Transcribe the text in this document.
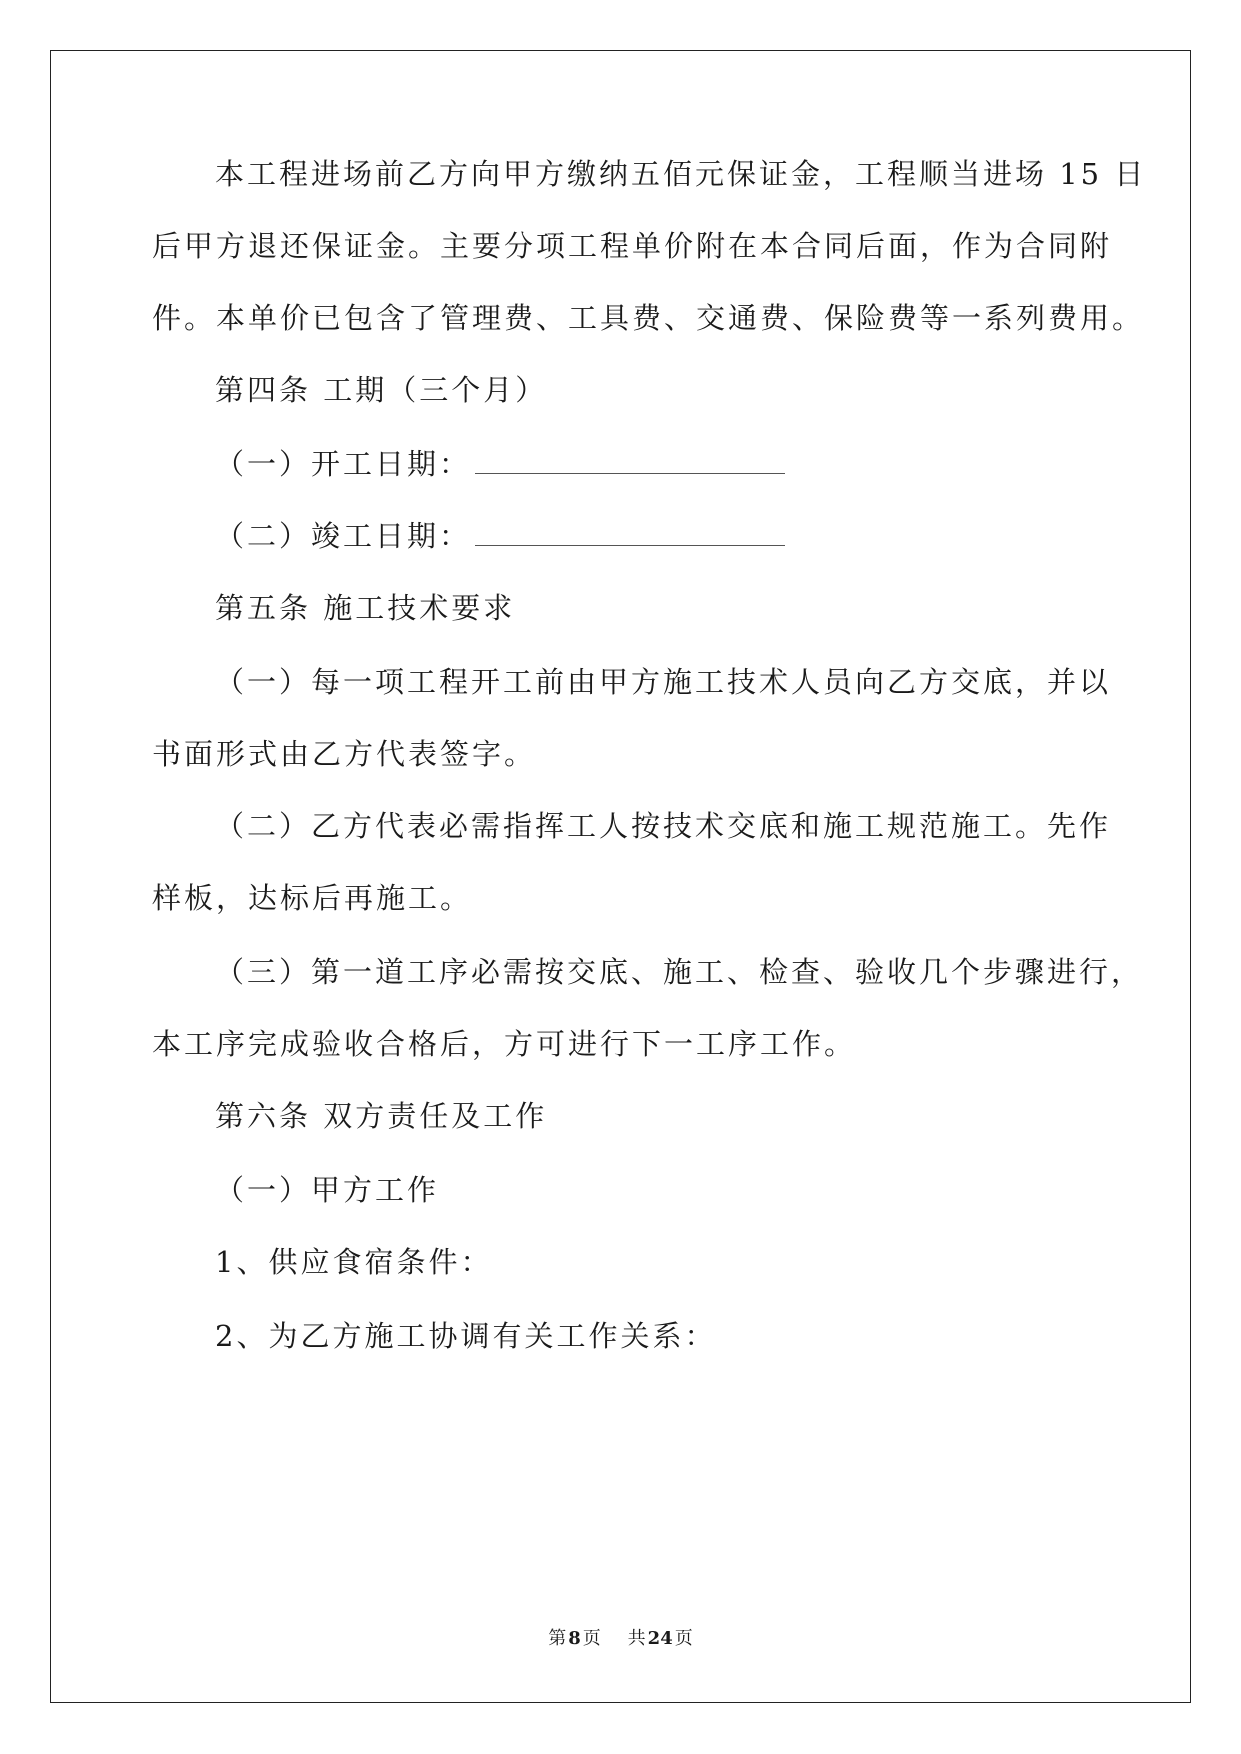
本工程进场前乙方向甲方缴纳五佰元保证金，工程顺当进场 15 日
后甲方退还保证金。主要分项工程单价附在本合同后面，作为合同附
件。本单价已包含了管理费、工具费、交通费、保险费等一系列费用。
第四条 工期（三个月）
（一）开工日期：
（二）竣工日期：
第五条 施工技术要求
（一）每一项工程开工前由甲方施工技术人员向乙方交底，并以
书面形式由乙方代表签字。
（二）乙方代表必需指挥工人按技术交底和施工规范施工。先作
样板，达标后再施工。
（三）第一道工序必需按交底、施工、检查、验收几个步骤进行，
本工序完成验收合格后，方可进行下一工序工作。
第六条 双方责任及工作
（一）甲方工作
1、供应食宿条件：
2、为乙方施工协调有关工作关系：
第 8 页 共 24 页
